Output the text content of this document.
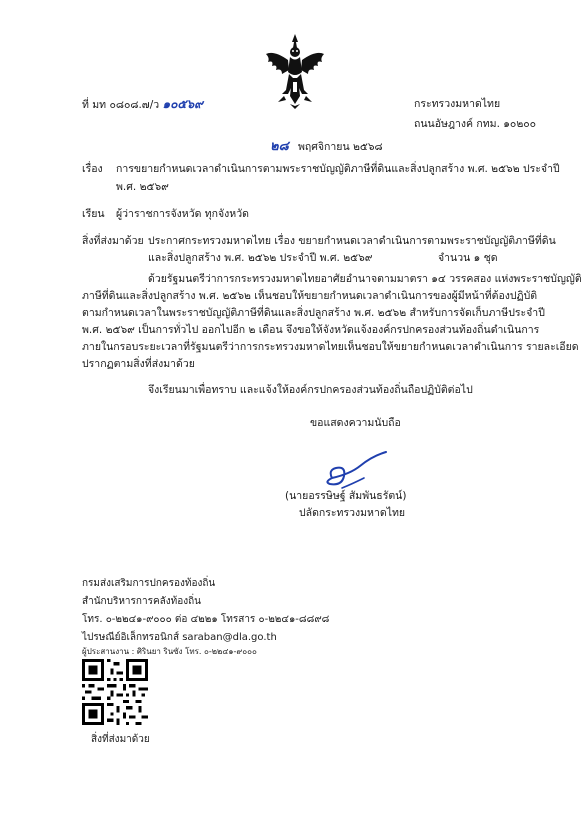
ที่ มท ๐๘๐๘.๗/ว ๑๐๕๖๙	กระทรวงมหาดไทย
ถนนอัษฎางค์ กทม. ๑๐๒๐๐
๒๘ พฤศจิกายน ๒๕๖๘
เรื่อง การขยายกำหนดเวลาดำเนินการตามพระราชบัญญัติภาษีที่ดินและสิ่งปลูกสร้าง พ.ศ. ๒๕๖๒ ประจำปี
พ.ศ. ๒๕๖๙
เรียน ผู้ว่าราชการจังหวัด ทุกจังหวัด
สิ่งที่ส่งมาด้วย ประกาศกระทรวงมหาดไทย เรื่อง ขยายกำหนดเวลาดำเนินการตามพระราชบัญญัติภาษีที่ดิน
และสิ่งปลูกสร้าง พ.ศ. ๒๕๖๒ ประจำปี พ.ศ. ๒๕๖๙	จำนวน ๑ ชุด
ด้วยรัฐมนตรีว่าการกระทรวงมหาดไทยอาศัยอำนาจตามมาตรา ๑๔ วรรคสอง แห่งพระราชบัญญัติ
ภาษีที่ดินและสิ่งปลูกสร้าง พ.ศ. ๒๕๖๒ เห็นชอบให้ขยายกำหนดเวลาดำเนินการของผู้มีหน้าที่ต้องปฏิบัติ
ตามกำหนดเวลาในพระราชบัญญัติภาษีที่ดินและสิ่งปลูกสร้าง พ.ศ. ๒๕๖๒ สำหรับการจัดเก็บภาษีประจำปี
พ.ศ. ๒๕๖๙ เป็นการทั่วไป ออกไปอีก ๒ เดือน จึงขอให้จังหวัดแจ้งองค์กรปกครองส่วนท้องถิ่นดำเนินการ
ภายในกรอบระยะเวลาที่รัฐมนตรีว่าการกระทรวงมหาดไทยเห็นชอบให้ขยายกำหนดเวลาดำเนินการ รายละเอียด
ปรากฏตามสิ่งที่ส่งมาด้วย
จึงเรียนมาเพื่อทราบ และแจ้งให้องค์กรปกครองส่วนท้องถิ่นถือปฏิบัติต่อไป
ขอแสดงความนับถือ
(นายอรรษิษฐ์ สัมพันธรัตน์)
ปลัดกระทรวงมหาดไทย
กรมส่งเสริมการปกครองท้องถิ่น
สำนักบริหารการคลังท้องถิ่น
โทร. ๐-๒๒๔๑-๙๐๐๐ ต่อ ๔๒๒๑ โทรสาร ๐-๒๒๔๑-๘๘๙๘
ไปรษณีย์อิเล็กทรอนิกส์ saraban@dla.go.th
ผู้ประสานงาน : ศิรินยา รินซัง โทร. ๐-๒๒๔๑-๙๐๐๐
สิ่งที่ส่งมาด้วย
